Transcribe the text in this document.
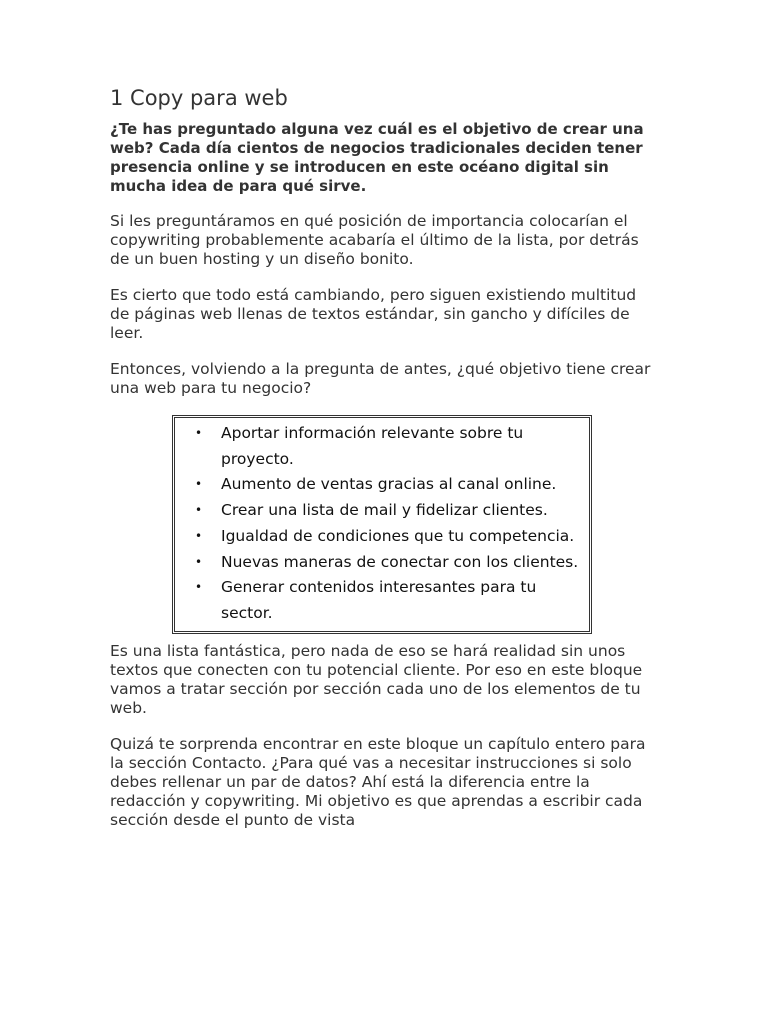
1 Copy para web

¿Te has preguntado alguna vez cuál es el objetivo de crear una web? Cada día cientos de negocios tradicionales deciden tener presencia online y se introducen en este océano digital sin mucha idea de para qué sirve.

Si les preguntáramos en qué posición de importancia colocarían el copywriting probablemente acabaría el último de la lista, por detrás de un buen hosting y un diseño bonito.

Es cierto que todo está cambiando, pero siguen existiendo multitud de páginas web llenas de textos estándar, sin gancho y difíciles de leer.

Entonces, volviendo a la pregunta de antes, ¿qué objetivo tiene crear una web para tu negocio?

• Aportar información relevante sobre tu proyecto.
• Aumento de ventas gracias al canal online.
• Crear una lista de mail y fidelizar clientes.
• Igualdad de condiciones que tu competencia.
• Nuevas maneras de conectar con los clientes.
• Generar contenidos interesantes para tu sector.

Es una lista fantástica, pero nada de eso se hará realidad sin unos textos que conecten con tu potencial cliente. Por eso en este bloque vamos a tratar sección por sección cada uno de los elementos de tu web.

Quizá te sorprenda encontrar en este bloque un capítulo entero para la sección Contacto. ¿Para qué vas a necesitar instrucciones si solo debes rellenar un par de datos? Ahí está la diferencia entre la redacción y copywriting. Mi objetivo es que aprendas a escribir cada sección desde el punto de vista
